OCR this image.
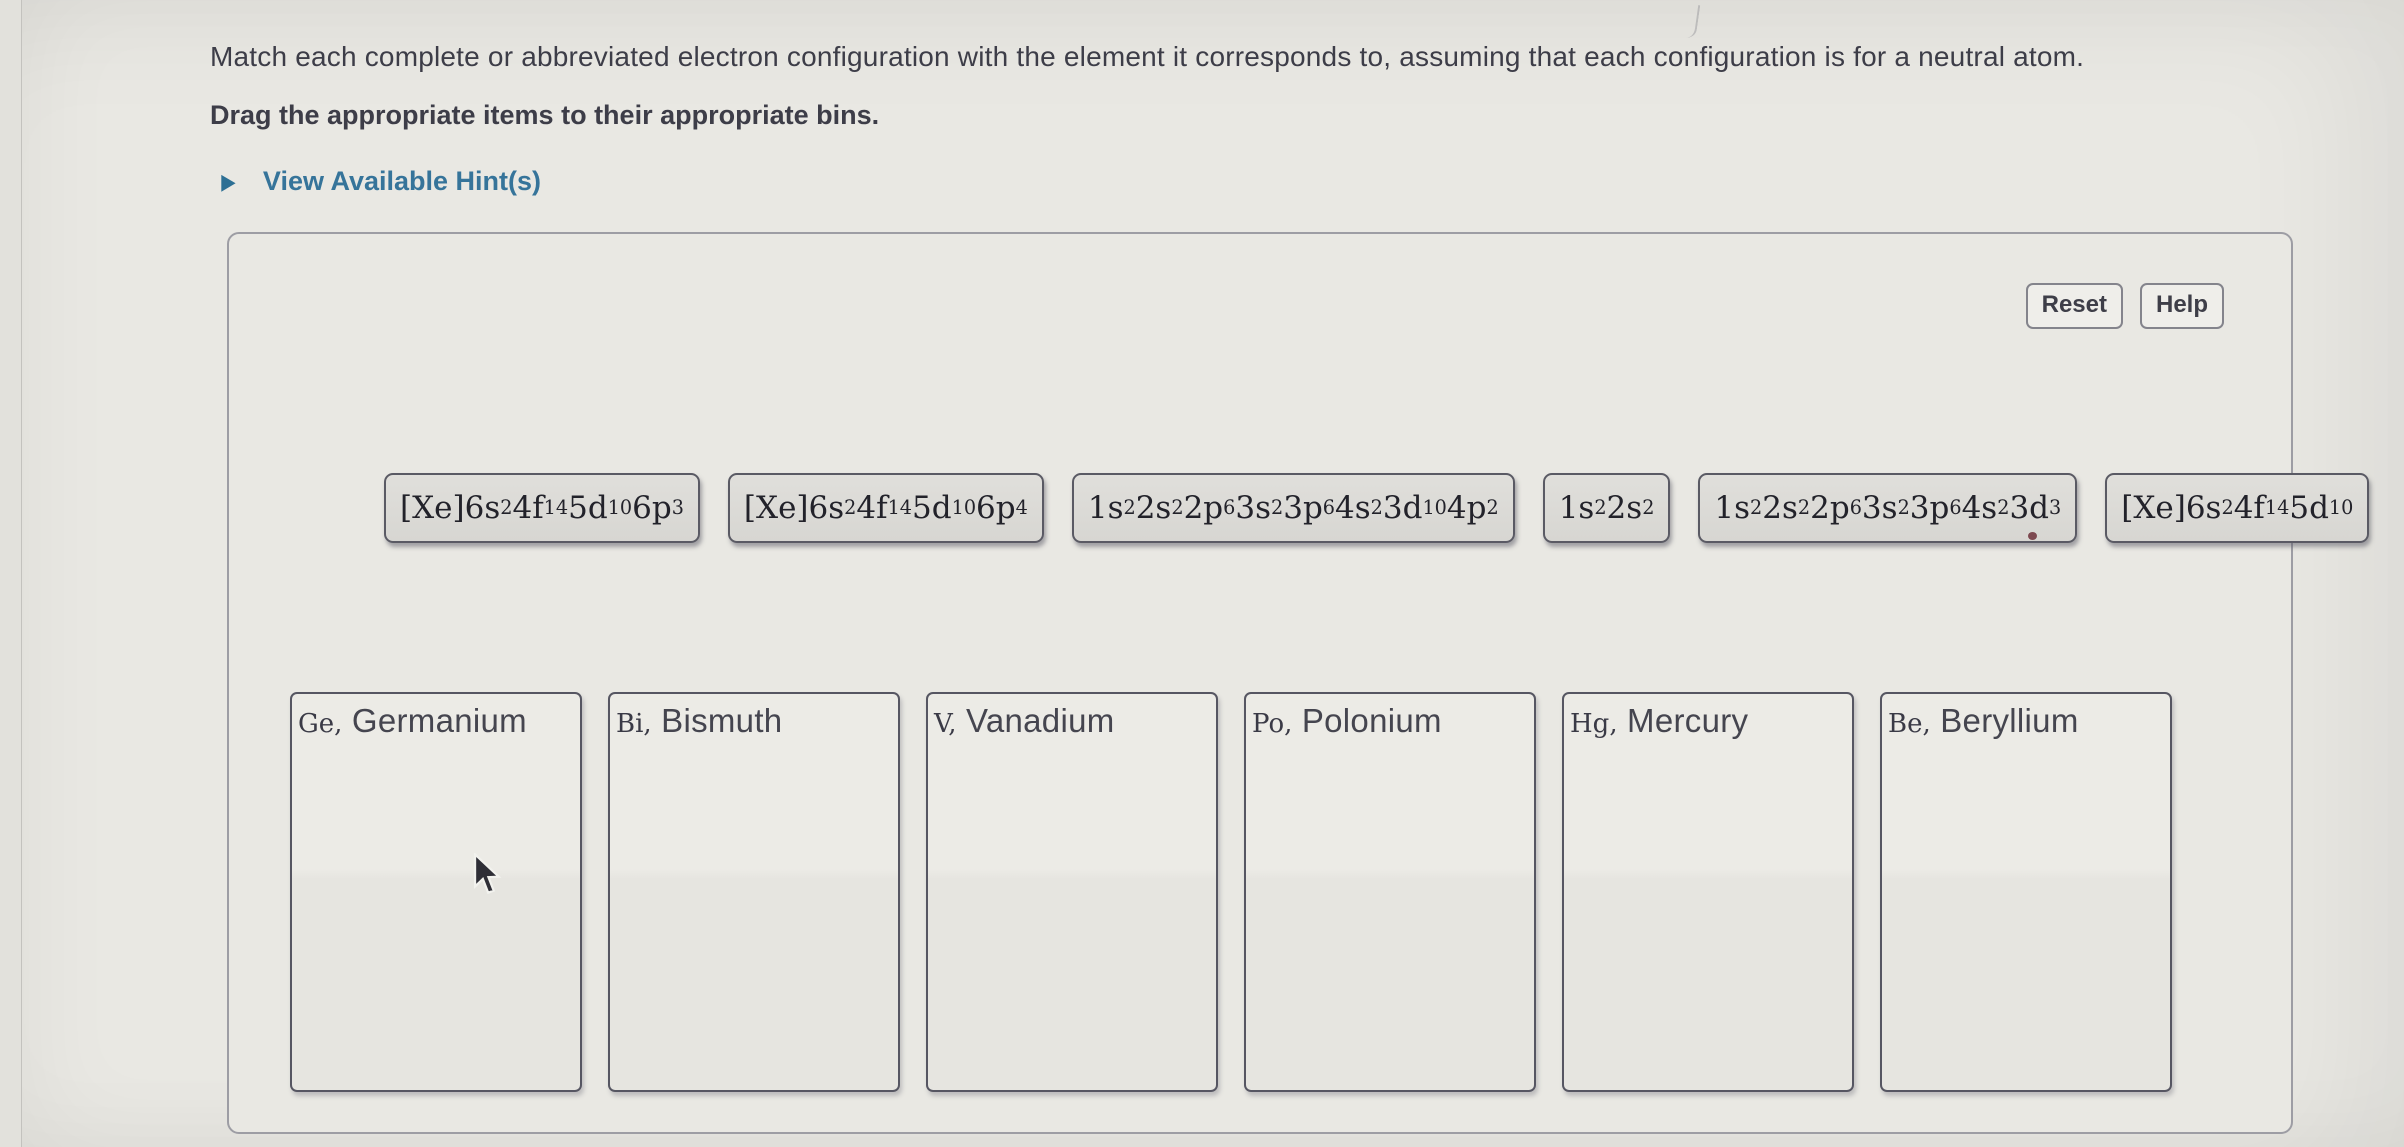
Match each complete or abbreviated electron configuration with the element it corresponds to, assuming that each configuration is for a neutral atom.
Drag the appropriate items to their appropriate bins.
▶ View Available Hint(s)
Reset	Help
[Xe]6s 2 4f 14 5d 10 6p 3	[Xe]6s 2 4f 14 5d 10 6p 4	1s 2 2s 2 2p 6 3s 2 3p 6 4s 2 3d 10 4p 2	1s 2 2s 2	1s 2 2s 2 2p 6 3s 2 3p 6 4s 2 3d 3	[Xe]6s 2 4f 14 5d 10
Ge, Germanium	Bi, Bismuth	V, Vanadium	Po, Polonium	Hg, Mercury	Be, Beryllium
